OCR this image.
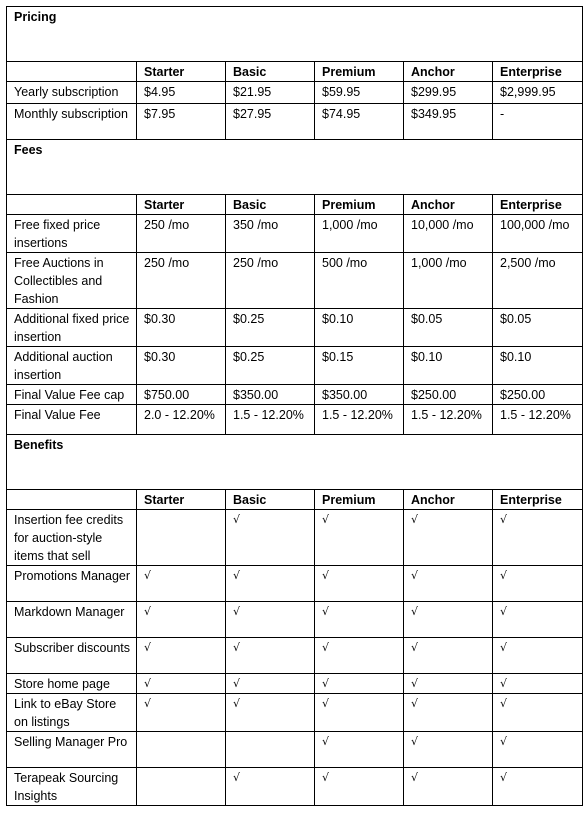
Pricing					
	Starter	Basic	Premium	Anchor	Enterprise
Yearly subscription	$4.95	$21.95	$59.95	$299.95	$2,999.95
Monthly subscription	$7.95	$27.95	$74.95	$349.95	-
Fees					
	Starter	Basic	Premium	Anchor	Enterprise
Free fixed price insertions	250 /mo	350 /mo	1,000 /mo	10,000 /mo	100,000 /mo
Free Auctions in Collectibles and Fashion	250 /mo	250 /mo	500 /mo	1,000 /mo	2,500 /mo
Additional fixed price insertion	$0.30	$0.25	$0.10	$0.05	$0.05
Additional auction insertion	$0.30	$0.25	$0.15	$0.10	$0.10
Final Value Fee cap	$750.00	$350.00	$350.00	$250.00	$250.00
Final Value Fee	2.0 - 12.20%	1.5 - 12.20%	1.5 - 12.20%	1.5 - 12.20%	1.5 - 12.20%
Benefits					
	Starter	Basic	Premium	Anchor	Enterprise
Insertion fee credits for auction-style items that sell		√	√	√	√
Promotions Manager	√	√	√	√	√
Markdown Manager	√	√	√	√	√
Subscriber discounts	√	√	√	√	√
Store home page	√	√	√	√	√
Link to eBay Store on listings	√	√	√	√	√
Selling Manager Pro			√	√	√
Terapeak Sourcing Insights		√	√	√	√
